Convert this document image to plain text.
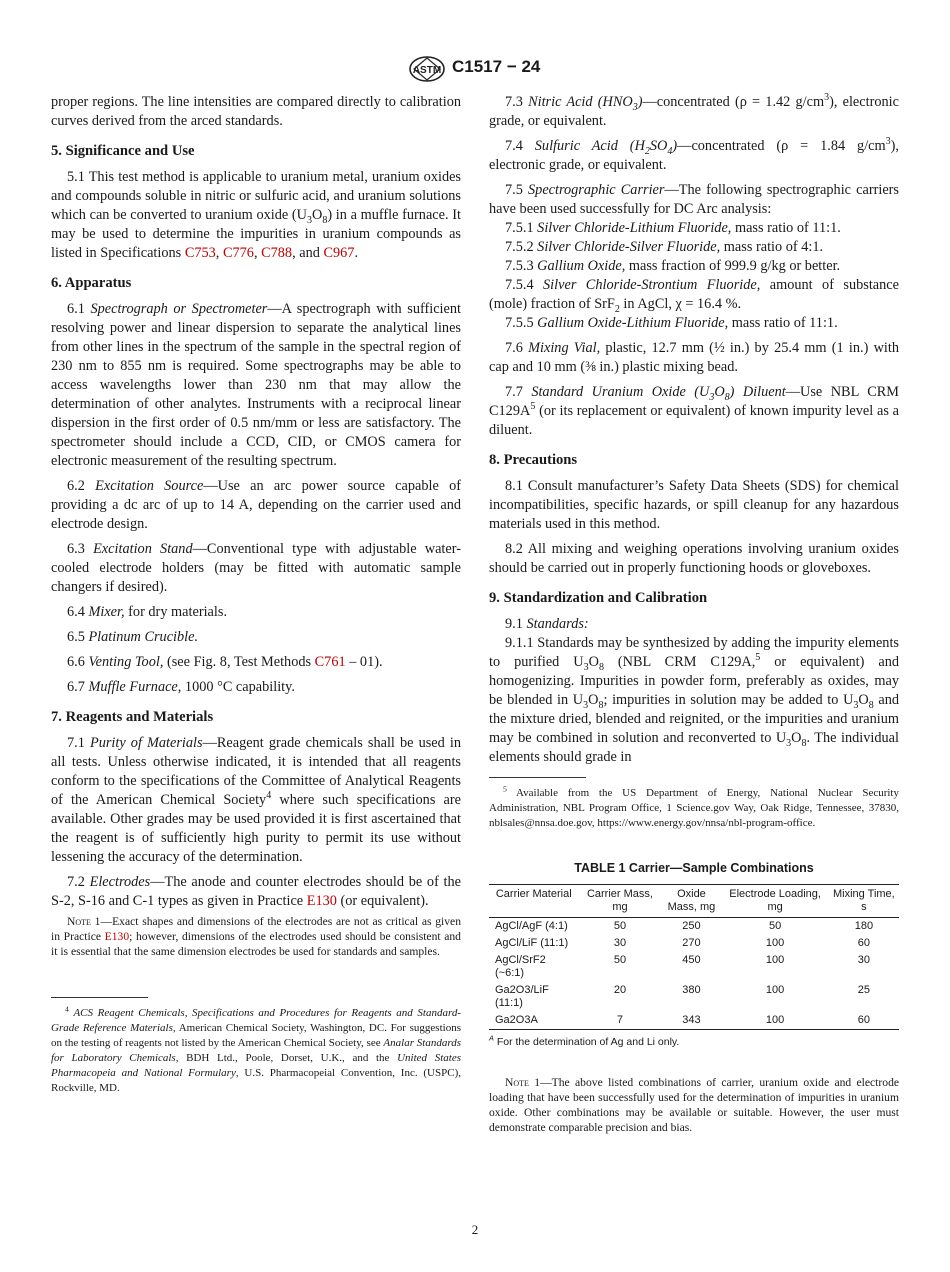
ASTM C1517 − 24

proper regions. The line intensities are compared directly to calibration curves derived from the arced standards.

5. Significance and Use

5.1 This test method is applicable to uranium metal, uranium oxides and compounds soluble in nitric or sulfuric acid, and uranium solutions which can be converted to uranium oxide $(U_3O_8)$ in a muffle furnace. It may be used to determine the impurities in uranium compounds as listed in Specifications C753, C776, C788, and C967.

6. Apparatus

6.1 Spectrograph or Spectrometer—A spectrograph with sufficient resolving power and linear dispersion to separate the analytical lines from other lines in the spectrum of the sample in the spectral region of 230 nm to 855 nm is required. Some spectrographs may be able to access wavelengths lower than 230 nm that may allow the determination of other analytes. Instruments with a reciprocal linear dispersion in the first order of 0.5 nm/mm or less are satisfactory. The spectrometer should include a CCD, CID, or CMOS camera for electronic measurement of the resulting spectrum.

6.2 Excitation Source—Use an arc power source capable of providing a dc arc of up to 14 A, depending on the carrier used and electrode design.

6.3 Excitation Stand—Conventional type with adjustable water-cooled electrode holders (may be fitted with automatic sample changers if desired).

6.4 Mixer, for dry materials.

6.5 Platinum Crucible.

6.6 Venting Tool, (see Fig. 8, Test Methods C761 – 01).

6.7 Muffle Furnace, 1000 °C capability.

7. Reagents and Materials

7.1 Purity of Materials—Reagent grade chemicals shall be used in all tests. Unless otherwise indicated, it is intended that all reagents conform to the specifications of the Committee of Analytical Reagents of the American Chemical Society$^4$ where such specifications are available. Other grades may be used provided it is first ascertained that the reagent is of sufficiently high purity to permit its use without lessening the accuracy of the determination.

7.2 Electrodes—The anode and counter electrodes should be of the S-2, S-16 and C-1 types as given in Practice E130 (or equivalent).

Note 1—Exact shapes and dimensions of the electrodes are not as critical as given in Practice E130; however, dimensions of the electrodes used should be consistent and it is essential that the same dimension electrodes be used for standards and samples.

$^4$ ACS Reagent Chemicals, Specifications and Procedures for Reagents and Standard-Grade Reference Materials, American Chemical Society, Washington, DC. For suggestions on the testing of reagents not listed by the American Chemical Society, see Analar Standards for Laboratory Chemicals, BDH Ltd., Poole, Dorset, U.K., and the United States Pharmacopeia and National Formulary, U.S. Pharmacopeial Convention, Inc. (USPC), Rockville, MD.

7.3 Nitric Acid $(HNO_3)—concentrated$ (ρ = 1.42 $g/cm^3$), electronic grade, or equivalent.

7.4 Sulfuric Acid $(H_2SO_4)—concentrated$ (ρ = 1.84 $g/cm^3$), electronic grade, or equivalent.

7.5 Spectrographic Carrier—The following spectrographic carriers have been used successfully for DC Arc analysis:

7.5.1 Silver Chloride-Lithium Fluoride, mass ratio of 11:1.

7.5.2 Silver Chloride-Silver Fluoride, mass ratio of 4:1.

7.5.3 Gallium Oxide, mass fraction of 999.9 g/kg or better.

7.5.4 Silver Chloride-Strontium Fluoride, amount of substance (mole) fraction of SrF$_2$ in AgCl, χ = 16.4 %.

7.5.5 Gallium Oxide-Lithium Fluoride, mass ratio of 11:1.

7.6 Mixing Vial, plastic, 12.7 mm (½ in.) by 25.4 mm (1 in.) with cap and 10 mm (⅜ in.) plastic mixing bead.

7.7 Standard Uranium Oxide $(U_3O_8)$ Diluent—Use NBL CRM $C129A^5$ (or its replacement or equivalent) of known impurity level as a diluent.

8. Precautions

8.1 Consult manufacturer’s Safety Data Sheets (SDS) for chemical incompatibilities, specific hazards, or spill cleanup for any hazardous materials used in this method.

8.2 All mixing and weighing operations involving uranium oxides should be carried out in properly functioning hoods or gloveboxes.

9. Standardization and Calibration

9.1 Standards:

9.1.1 Standards may be synthesized by adding the impurity elements to purified $U_3O_8$ (NBL CRM C129A,$^5$ or equivalent) and homogenizing. Impurities in powder form, preferably as oxides, may be blended in $U_3O_8$; impurities in solution may be added to $U_3O_8$ and the mixture dried, blended and reignited, or the impurities and uranium may be combined in solution and reconverted to $U_3O_8$. The individual elements should grade in

$^5$ Available from the US Department of Energy, National Nuclear Security Administration, NBL Program Office, 1 Science.gov Way, Oak Ridge, Tennessee, 37830, nblsales@nnsa.doe.gov, https://www.energy.gov/nnsa/nbl-program-office.

TABLE 1 Carrier—Sample Combinations
Carrier Material	Carrier Mass, mg	Oxide Mass, mg	Electrode Loading, mg	Mixing Time, s
AgCl/AgF (4:1)	50	250	50	180
AgCl/LiF (11:1)	30	270	100	60
AgCl/SrF2 (~6:1)	50	450	100	30
Ga2O3/LiF (11:1)	20	380	100	25
Ga2O3A	7	343	100	60

$^A$ For the determination of Ag and Li only.

Note 1—The above listed combinations of carrier, uranium oxide and electrode loading that have been successfully used for the determination of impurities in uranium oxide. Other combinations may be available or suitable. However, the user must demonstrate comparable precision and bias.

2
